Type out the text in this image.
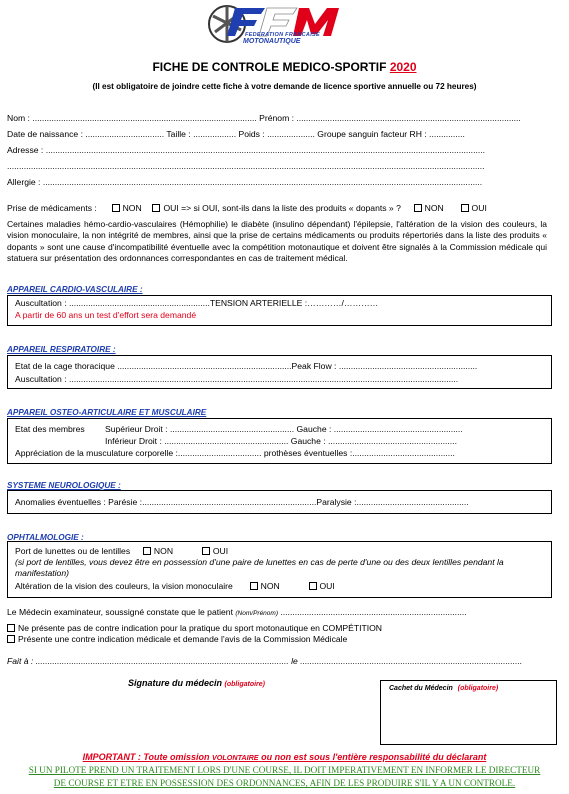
FEDERATION FRANCAISE
MOTONAUTIQUE
FICHE DE CONTROLE MEDICO-SPORTIF 2020
(Il est obligatoire de joindre cette fiche à votre demande de licence sportive annuelle ou 72 heures)
Nom : .............................................................................................. Prénom : ..............................................................................................
Date de naissance : ................................. Taille : .................. Poids : .................... Groupe sanguin facteur RH : ...............
Adresse : ........................................................................................................................................................................................
........................................................................................................................................................................................................
Allergie : ........................................................................................................................................................................................
Prise de médicaments :	NON	OUI => si OUI, sont-ils dans la liste des produits « dopants » ?	NON	OUI
Certaines maladies hémo-cardio-vasculaires (Hémophilie) le diabète (insulino dépendant) l'épilepsie, l'altération de la vision des couleurs, la vision monoculaire, la non intégrité de membres, ainsi que la prise de certains médicaments ou produits répertoriés dans la liste des produits « dopants » sont une cause d'incompatibilité éventuelle avec la compétition motonautique et doivent être signalés à la Commission médicale qui statuera sur présentation des ordonnances correspondantes en cas de traitement médical.
APPAREIL CARDIO-VASCULAIRE :
Auscultation : ...........................................................TENSION ARTERIELLE :…………/…………
A partir de 60 ans un test d'effort sera demandé
APPAREIL RESPIRATOIRE :
Etat de la cage thoracique .........................................................................Peak Flow : ..........................................................
Auscultation : ...................................................................................................................................................................
APPAREIL OSTEO-ARTICULAIRE ET MUSCULAIRE
Etat des membres Supérieur Droit : .................................................... Gauche : ......................................................
Inférieur Droit : .................................................... Gauche : ......................................................
Appréciation de la musculature corporelle :................................... prothèses éventuelles :...........................................
SYSTEME NEUROLOGIQUE :
Anomalies éventuelles : Parésie :.........................................................................Paralysie :...............................................
OPHTALMOLOGIE :
Port de lunettes ou de lentilles	NON	OUI
(si port de lentilles, vous devez être en possession d'une paire de lunettes en cas de perte d'une ou des deux lentilles pendant la manifestation)
Altération de la vision des couleurs, la vision monoculaire	NON	OUI
Le Médecin examinateur, soussigné constate que le patient (Nom/Prénom) ..............................................................................
Ne présente pas de contre indication pour la pratique du sport motonautique en COMPÉTITION
Présente une contre indication médicale et demande l'avis de la Commission Médicale
Fait à : .......................................................................................................... le .............................................................................................
Signature du médecin (obligatoire)
Cachet du Médecin (obligatoire)
IMPORTANT : Toute omission VOLONTAIRE ou non est sous l'entière responsabilité du déclarant
SI UN PILOTE PREND UN TRAITEMENT LORS D'UNE COURSE, IL DOIT IMPERATIVEMENT EN INFORMER LE DIRECTEUR
DE COURSE ET ETRE EN POSSESSION DES ORDONNANCES, AFIN DE LES PRODUIRE S'IL Y A UN CONTROLE.
